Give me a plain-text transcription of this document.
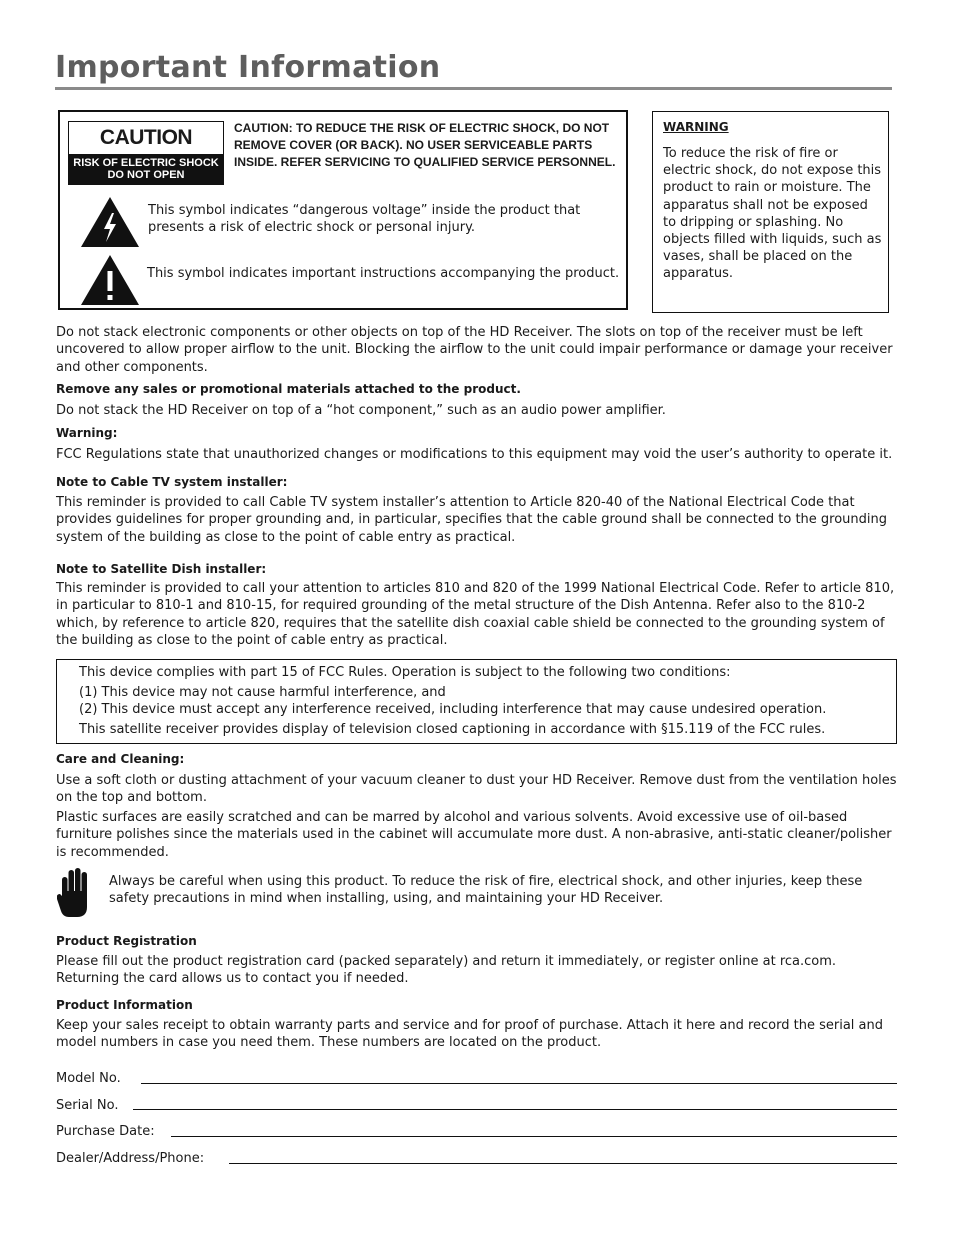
Important Information
CAUTION
RISK OF ELECTRIC SHOCK
DO NOT OPEN
CAUTION: TO REDUCE THE RISK OF ELECTRIC SHOCK, DO NOT REMOVE COVER (OR BACK). NO USER SERVICEABLE PARTS INSIDE. REFER SERVICING TO QUALIFIED SERVICE PERSONNEL.
This symbol indicates “dangerous voltage” inside the product that presents a risk of electric shock or personal injury.
This symbol indicates important instructions accompanying the product.
WARNING
To reduce the risk of fire or electric shock, do not expose this product to rain or moisture. The apparatus shall not be exposed to dripping or splashing. No objects filled with liquids, such as vases, shall be placed on the apparatus.
Do not stack electronic components or other objects on top of the HD Receiver. The slots on top of the receiver must be left uncovered to allow proper airflow to the unit. Blocking the airflow to the unit could impair performance or damage your receiver and other components.
Remove any sales or promotional materials attached to the product.
Do not stack the HD Receiver on top of a “hot component,” such as an audio power amplifier.
Warning:
FCC Regulations state that unauthorized changes or modifications to this equipment may void the user’s authority to operate it.
Note to Cable TV system installer:
This reminder is provided to call Cable TV system installer’s attention to Article 820-40 of the National Electrical Code that provides guidelines for proper grounding and, in particular, specifies that the cable ground shall be connected to the grounding system of the building as close to the point of cable entry as practical.
Note to Satellite Dish installer:
This reminder is provided to call your attention to articles 810 and 820 of the 1999 National Electrical Code. Refer to article 810, in particular to 810-1 and 810-15, for required grounding of the metal structure of the Dish Antenna. Refer also to the 810-2 which, by reference to article 820, requires that the satellite dish coaxial cable shield be connected to the grounding system of the building as close to the point of cable entry as practical.
This device complies with part 15 of FCC Rules. Operation is subject to the following two conditions:
(1) This device may not cause harmful interference, and
(2) This device must accept any interference received, including interference that may cause undesired operation.
This satellite receiver provides display of television closed captioning in accordance with §15.119 of the FCC rules.
Care and Cleaning:
Use a soft cloth or dusting attachment of your vacuum cleaner to dust your HD Receiver. Remove dust from the ventilation holes on the top and bottom.
Plastic surfaces are easily scratched and can be marred by alcohol and various solvents. Avoid excessive use of oil-based furniture polishes since the materials used in the cabinet will accumulate more dust. A non-abrasive, anti-static cleaner/polisher is recommended.
Always be careful when using this product. To reduce the risk of fire, electrical shock, and other injuries, keep these safety precautions in mind when installing, using, and maintaining your HD Receiver.
Product Registration
Please fill out the product registration card (packed separately) and return it immediately, or register online at rca.com. Returning the card allows us to contact you if needed.
Product Information
Keep your sales receipt to obtain warranty parts and service and for proof of purchase. Attach it here and record the serial and model numbers in case you need them. These numbers are located on the product.
Model No.
Serial No.
Purchase Date:
Dealer/Address/Phone:
